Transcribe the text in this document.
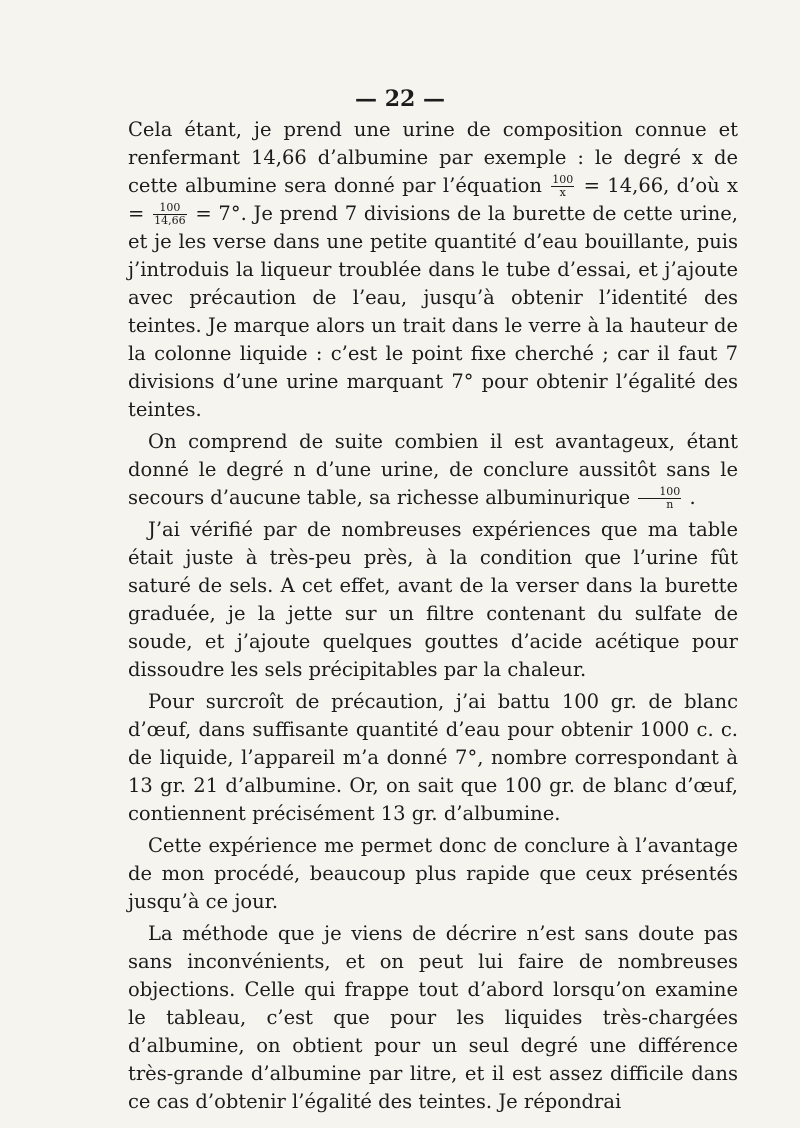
— 22 —

Cela étant, je prend une urine de composition connue et renfermant 14,66 d’albumine par exemple : le degré x de cette albumine sera donné par l’équation $\frac{100}{x} = 14,66$, d’où $x = \frac{100}{14,66} = 7^\circ$. Je prend 7 divisions de la burette de cette urine, et je les verse dans une petite quantité d’eau bouillante, puis j’introduis la liqueur troublée dans le tube d’essai, et j’ajoute avec précaution de l’eau, jusqu’à obtenir l’identité des teintes. Je marque alors un trait dans le verre à la hauteur de la colonne liquide : c’est le point fixe cherché ; car il faut 7 divisions d’une urine marquant 7° pour obtenir l’égalité des teintes.

On comprend de suite combien il est avantageux, étant donné le degré n d’une urine, de conclure aussitôt sans le secours d’aucune table, sa richesse albuminurique $\frac{100}{n}$ .

J’ai vérifié par de nombreuses expériences que ma table était juste à très-peu près, à la condition que l’urine fût saturé de sels. A cet effet, avant de la verser dans la burette graduée, je la jette sur un filtre contenant du sulfate de soude, et j’ajoute quelques gouttes d’acide acétique pour dissoudre les sels précipitables par la chaleur.

Pour surcroît de précaution, j’ai battu 100 gr. de blanc d’œuf, dans suffisante quantité d’eau pour obtenir 1000 c. c. de liquide, l’appareil m’a donné 7°, nombre correspondant à 13 gr. 21 d’albumine. Or, on sait que 100 gr. de blanc d’œuf, contiennent précisément 13 gr. d’albumine.

Cette expérience me permet donc de conclure à l’avantage de mon procédé, beaucoup plus rapide que ceux présentés jusqu’à ce jour.

La méthode que je viens de décrire n’est sans doute pas sans inconvénients, et on peut lui faire de nombreuses objections. Celle qui frappe tout d’abord lorsqu’on examine le tableau, c’est que pour les liquides très-chargées d’albumine, on obtient pour un seul degré une différence très-grande d’albumine par litre, et il est assez difficile dans ce cas d’obtenir l’égalité des teintes. Je répondrai
